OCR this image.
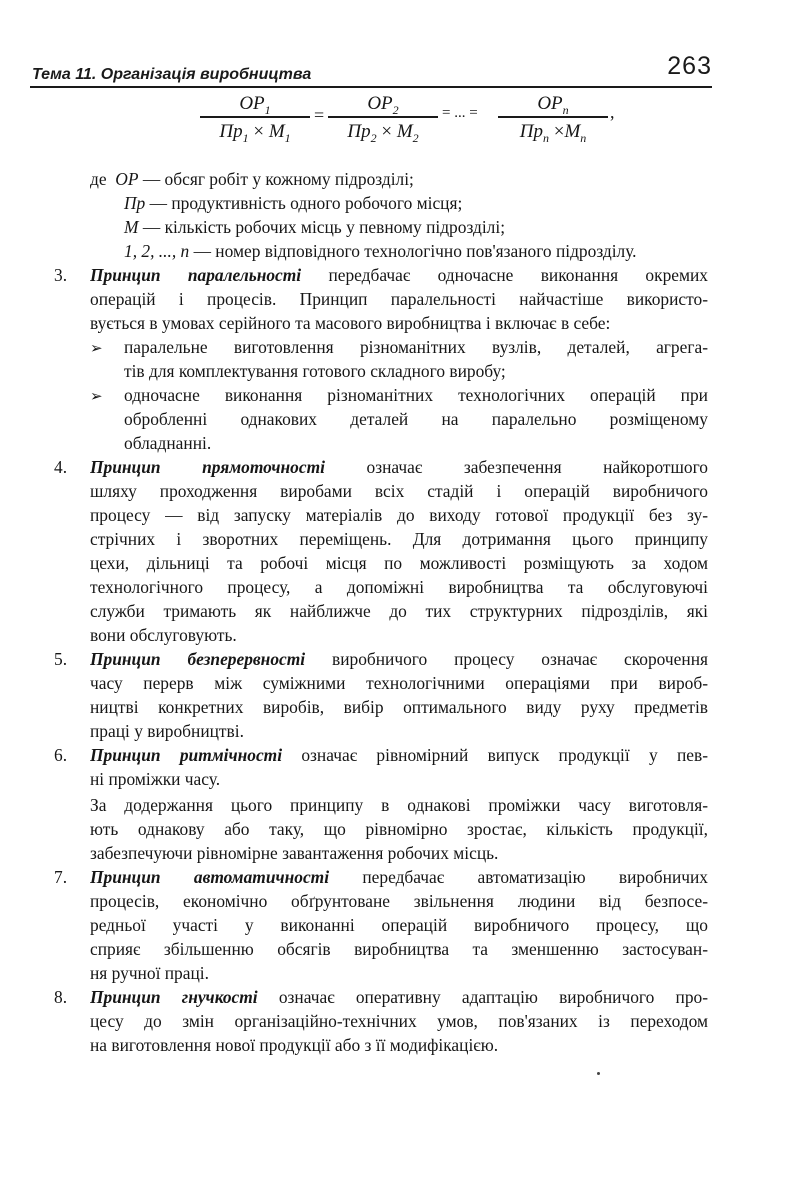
Тема 11. Організація виробництва	263
$OP_1$
$Пр_1 \times M_1$
=
$OP_2$
$Пр_2 \times M_2$
= ... =	$OP_n$
$Пр_n \times M_n$
,
де OP — обсяг робіт у кожному підрозділі;
Пр — продуктивність одного робочого місця;
M — кількість робочих місць у певному підрозділі;
1, 2, ..., n — номер відповідного технологічно пов'язаного підрозділу.
3. Принцип паралельності передбачає одночасне виконання окремих
операцій і процесів. Принцип паралельності найчастіше використо-
вується в умовах серійного та масового виробництва і включає в себе:
➢ паралельне виготовлення різноманітних вузлів, деталей, агрега-
тів для комплектування готового складного виробу;
➢ одночасне виконання різноманітних технологічних операцій при
обробленні однакових деталей на паралельно розміщеному
обладнанні.
4. Принцип прямоточності означає забезпечення найкоротшого
шляху проходження виробами всіх стадій і операцій виробничого
процесу — від запуску матеріалів до виходу готової продукції без зу-
стрічних і зворотних переміщень. Для дотримання цього принципу
цехи, дільниці та робочі місця по можливості розміщують за ходом
технологічного процесу, а допоміжні виробництва та обслуговуючі
служби тримають як найближче до тих структурних підрозділів, які
вони обслуговують.
5. Принцип безперервності виробничого процесу означає скорочення
часу перерв між суміжними технологічними операціями при вироб-
ництві конкретних виробів, вибір оптимального виду руху предметів
праці у виробництві.
6. Принцип ритмічності означає рівномірний випуск продукції у пев-
ні проміжки часу.
За додержання цього принципу в однакові проміжки часу виготовля-
ють однакову або таку, що рівномірно зростає, кількість продукції,
забезпечуючи рівномірне завантаження робочих місць.
7. Принцип автоматичності передбачає автоматизацію виробничих
процесів, економічно обґрунтоване звільнення людини від безпосе-
редньої участі у виконанні операцій виробничого процесу, що
сприяє збільшенню обсягів виробництва та зменшенню застосуван-
ня ручної праці.
8. Принцип гнучкості означає оперативну адаптацію виробничого про-
цесу до змін організаційно-технічних умов, пов'язаних із переходом
на виготовлення нової продукції або з її модифікацією.
